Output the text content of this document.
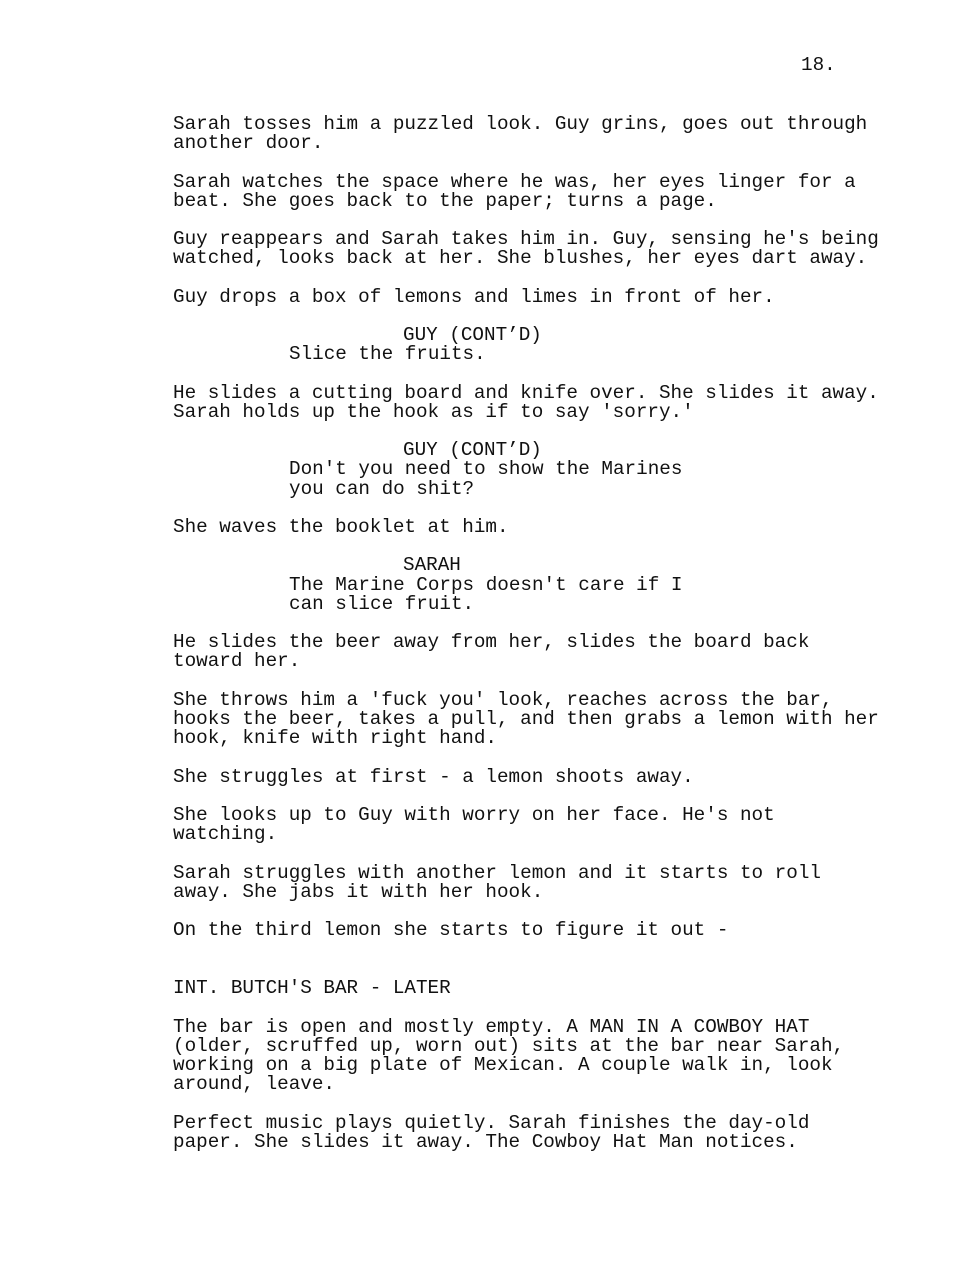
18.

Sarah tosses him a puzzled look. Guy grins, goes out through

another door.

Sarah watches the space where he was, her eyes linger for a

beat. She goes back to the paper; turns a page.

Guy reappears and Sarah takes him in. Guy, sensing he's being

watched, looks back at her. She blushes, her eyes dart away.

Guy drops a box of lemons and limes in front of her.

GUY (CONT’D)

Slice the fruits.

He slides a cutting board and knife over. She slides it away.

Sarah holds up the hook as if to say 'sorry.'

GUY (CONT’D)

Don't you need to show the Marines

you can do shit?

She waves the booklet at him.

SARAH

The Marine Corps doesn't care if I

can slice fruit.

He slides the beer away from her, slides the board back

toward her.

She throws him a 'fuck you' look, reaches across the bar,

hooks the beer, takes a pull, and then grabs a lemon with her

hook, knife with right hand.

She struggles at first - a lemon shoots away.

She looks up to Guy with worry on her face. He's not

watching.

Sarah struggles with another lemon and it starts to roll

away. She jabs it with her hook.

On the third lemon she starts to figure it out -

INT. BUTCH'S BAR - LATER

The bar is open and mostly empty. A MAN IN A COWBOY HAT

(older, scruffed up, worn out) sits at the bar near Sarah,

working on a big plate of Mexican. A couple walk in, look

around, leave.

Perfect music plays quietly. Sarah finishes the day-old

paper. She slides it away. The Cowboy Hat Man notices.
